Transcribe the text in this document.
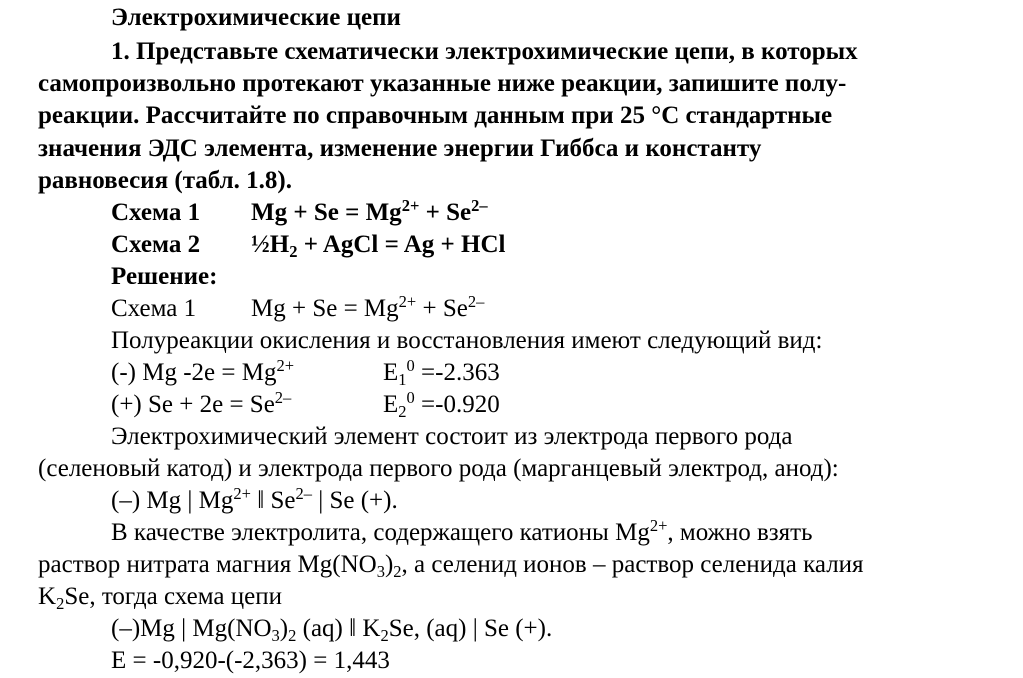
Электрохимические цепи
1. Представьте схематически электрохимические цепи, в которых
самопроизвольно протекают указанные ниже реакции, запишите полу-
реакции. Рассчитайте по справочным данным при 25 °С стандартные
значения ЭДС элемента, изменение энергии Гиббса и константу
равновесия (табл. 1.8).
Схема 1 $Mg + Se = Mg^{2+} + Se^{2-}$
Схема 2 $\frac{1}{2}H_2$ + AgCl = Ag + HCl
Решение:
Схема 1 $Mg + Se = Mg^{2+} + Se^{2-}$
Полуреакции окисления и восстановления имеют следующий вид:
(-) Mg $-2e = Mg^{2+}$	$E_1^0 =-2.363$
(+) $Se + 2e = Se^{2-}$	$E_2^0 =-0.920$
Электрохимический элемент состоит из электрода первого рода
(селеновый катод) и электрода первого рода (марганцевый электрод, анод):
(–) Mg | $Mg^{2+}$ ‖ $Se^{2-}$ | Se (+).
В качестве электролита, содержащего катионы $Mg^{2+}$, можно взять
раствор нитрата магния $Mg(NO_3)_2$, а селенид ионов – раствор селенида калия
$K_2Se$, тогда схема цепи
(–)Mg | $Mg(NO_3)_2$ (aq) ‖ $K_2Se$, (aq) | Se (+).
E = -0,920-(-2,363) = 1,443
